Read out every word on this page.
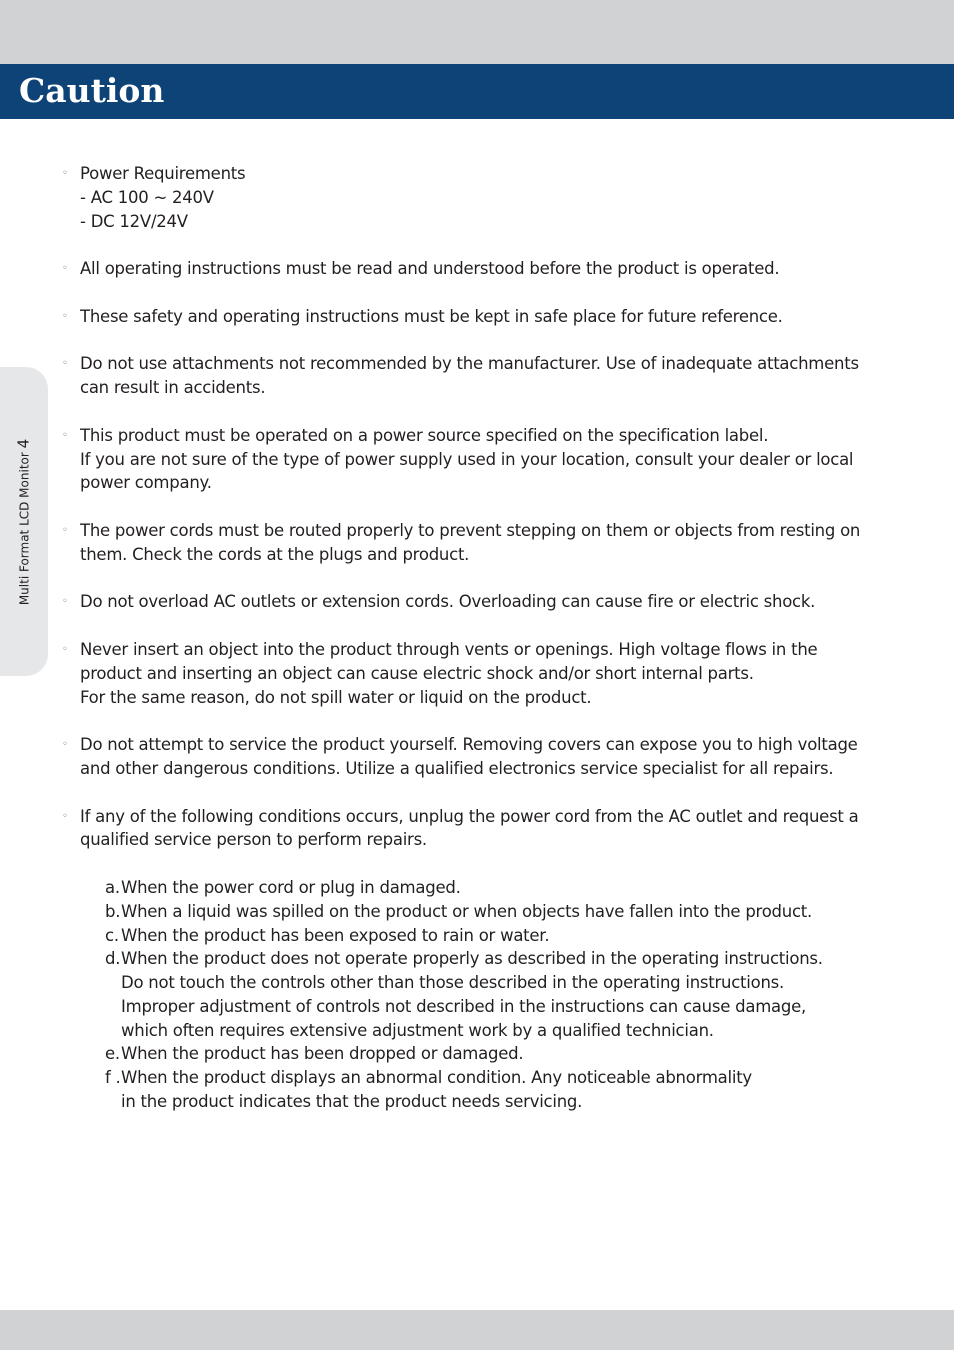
Caution
Multi Format LCD Monitor 4
◦ Power Requirements
- AC 100 ~ 240V
- DC 12V/24V
◦ All operating instructions must be read and understood before the product is operated.
◦ These safety and operating instructions must be kept in safe place for future reference.
◦ Do not use attachments not recommended by the manufacturer. Use of inadequate attachments
can result in accidents.
◦ This product must be operated on a power source specified on the specification label.
If you are not sure of the type of power supply used in your location, consult your dealer or local
power company.
◦ The power cords must be routed properly to prevent stepping on them or objects from resting on
them. Check the cords at the plugs and product.
◦ Do not overload AC outlets or extension cords. Overloading can cause fire or electric shock.
◦ Never insert an object into the product through vents or openings. High voltage flows in the
product and inserting an object can cause electric shock and/or short internal parts.
For the same reason, do not spill water or liquid on the product.
◦ Do not attempt to service the product yourself. Removing covers can expose you to high voltage
and other dangerous conditions. Utilize a qualified electronics service specialist for all repairs.
◦ If any of the following conditions occurs, unplug the power cord from the AC outlet and request a
qualified service person to perform repairs.
a. When the power cord or plug in damaged.
b. When a liquid was spilled on the product or when objects have fallen into the product.
c. When the product has been exposed to rain or water.
d. When the product does not operate properly as described in the operating instructions.
Do not touch the controls other than those described in the operating instructions.
Improper adjustment of controls not described in the instructions can cause damage,
which often requires extensive adjustment work by a qualified technician.
e. When the product has been dropped or damaged.
f . When the product displays an abnormal condition. Any noticeable abnormality
in the product indicates that the product needs servicing.
